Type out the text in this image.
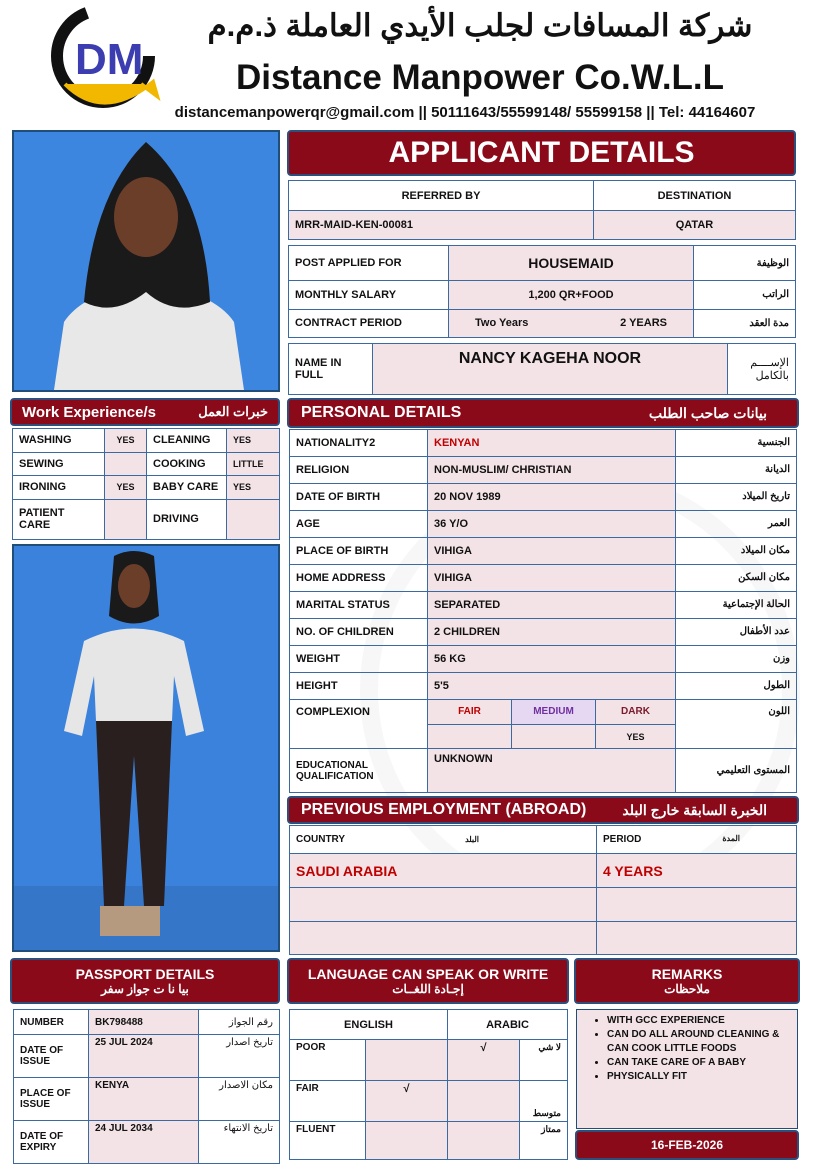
DM
شركة المسافات لجلب الأيدي العاملة ذ.م.م
Distance Manpower Co.W.L.L
distancemanpowerqr@gmail.com || 50111643/55599148/ 55599158 || Tel: 44164607
APPLICANT DETAILS
REFERRED BY	DESTINATION
MRR-MAID-KEN-00081	QATAR
POST APPLIED FOR	HOUSEMAID	الوظيفة
MONTHLY SALARY	1,200 QR+FOOD	الراتب
CONTRACT PERIOD	Two Years 2 YEARS	مدة العقد
NAME IN FULL	NANCY KAGEHA NOOR	الإســــم بالكامل
Work Experience/s	خبرات العمل
WASHING	YES	CLEANING	YES
SEWING		COOKING	LITTLE
IRONING	YES	BABY CARE	YES
PATIENT CARE		DRIVING	
PERSONAL DETAILS	بيانات صاحب الطلب
NATIONALITY2	KENYAN			الجنسية
RELIGION	NON-MUSLIM/ CHRISTIAN			الديانة
DATE OF BIRTH	20 NOV 1989			تاريخ الميلاد
AGE	36 Y/O			العمر
PLACE OF BIRTH	VIHIGA			مكان الميلاد
HOME ADDRESS	VIHIGA			مكان السكن
MARITAL STATUS	SEPARATED			الحالة الإجتماعية
NO. OF CHILDREN	2 CHILDREN			عدد الأطفال
WEIGHT	56 KG			وزن
HEIGHT	5'5			الطول
COMPLEXION	FAIR	MEDIUM	DARK	اللون
			YES	
EDUCATIONAL QUALIFICATION	UNKNOWN			المستوى التعليمي
PREVIOUS EMPLOYMENT (ABROAD)	الخبرة السابقة خارج البلد
COUNTRY البلد	PERIOD المدة

SAUDI ARABIA	4 YEARS

PASSPORT DETAILS
بيا نا ت جواز سفر
NUMBER	BK798488	رقم الجواز
DATE OF ISSUE	25 JUL 2024	تاريخ اصدار
PLACE OF ISSUE	KENYA	مكان الاصدار
DATE OF EXPIRY	24 JUL 2034	تاريخ الانتهاء
LANGUAGE CAN SPEAK OR WRITE
إجـادة اللغــات
ENGLISH		ARABIC	
POOR		√	لا شي
FAIR	√		متوسط
FLUENT			ممتاز
REMARKS
ملاحظات
• WITH GCC EXPERIENCE
• CAN DO ALL AROUND CLEANING & CAN COOK LITTLE FOODS
• CAN TAKE CARE OF A BABY
• PHYSICALLY FIT
16-FEB-2026
